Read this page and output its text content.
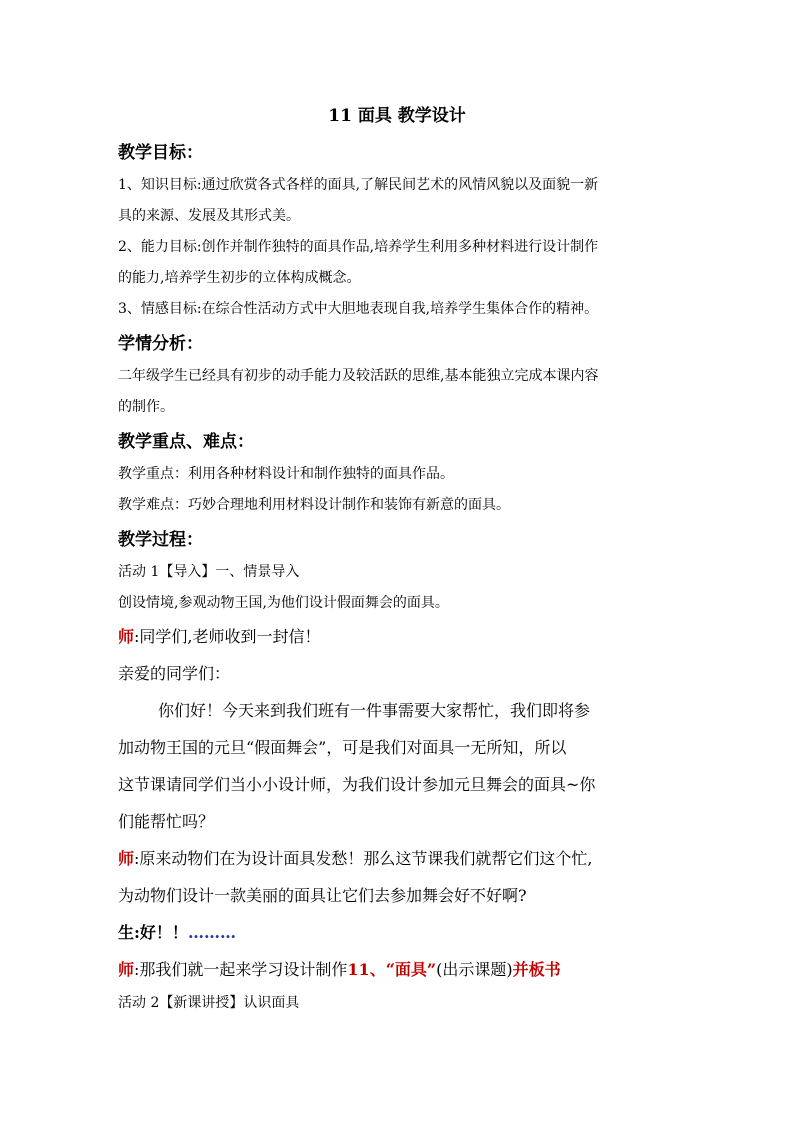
11 面具 教学设计
教学目标：
1、知识目标:通过欣赏各式各样的面具,了解民间艺术的风情风貌以及面貌一新
具的来源、发展及其形式美。
2、能力目标:创作并制作独特的面具作品,培养学生利用多种材料进行设计制作
的能力,培养学生初步的立体构成概念。
3、情感目标:在综合性活动方式中大胆地表现自我,培养学生集体合作的精神。
学情分析：
二年级学生已经具有初步的动手能力及较活跃的思维,基本能独立完成本课内容
的制作。
教学重点、难点：
教学重点：利用各种材料设计和制作独特的面具作品。
教学难点：巧妙合理地利用材料设计制作和装饰有新意的面具。
教学过程：
活动 1【导入】一、情景导入
创设情境,参观动物王国,为他们设计假面舞会的面具。
师:同学们,老师收到一封信！
亲爱的同学们：
你们好！今天来到我们班有一件事需要大家帮忙，我们即将参
加动物王国的元旦“假面舞会”，可是我们对面具一无所知，所以
这节课请同学们当小小设计师，为我们设计参加元旦舞会的面具~你
们能帮忙吗？
师:原来动物们在为设计面具发愁！那么这节课我们就帮它们这个忙,
为动物们设计一款美丽的面具让它们去参加舞会好不好啊?
生:好！！………
师:那我们就一起来学习设计制作11、“面具”(出示课题)并板书
活动 2【新课讲授】认识面具
